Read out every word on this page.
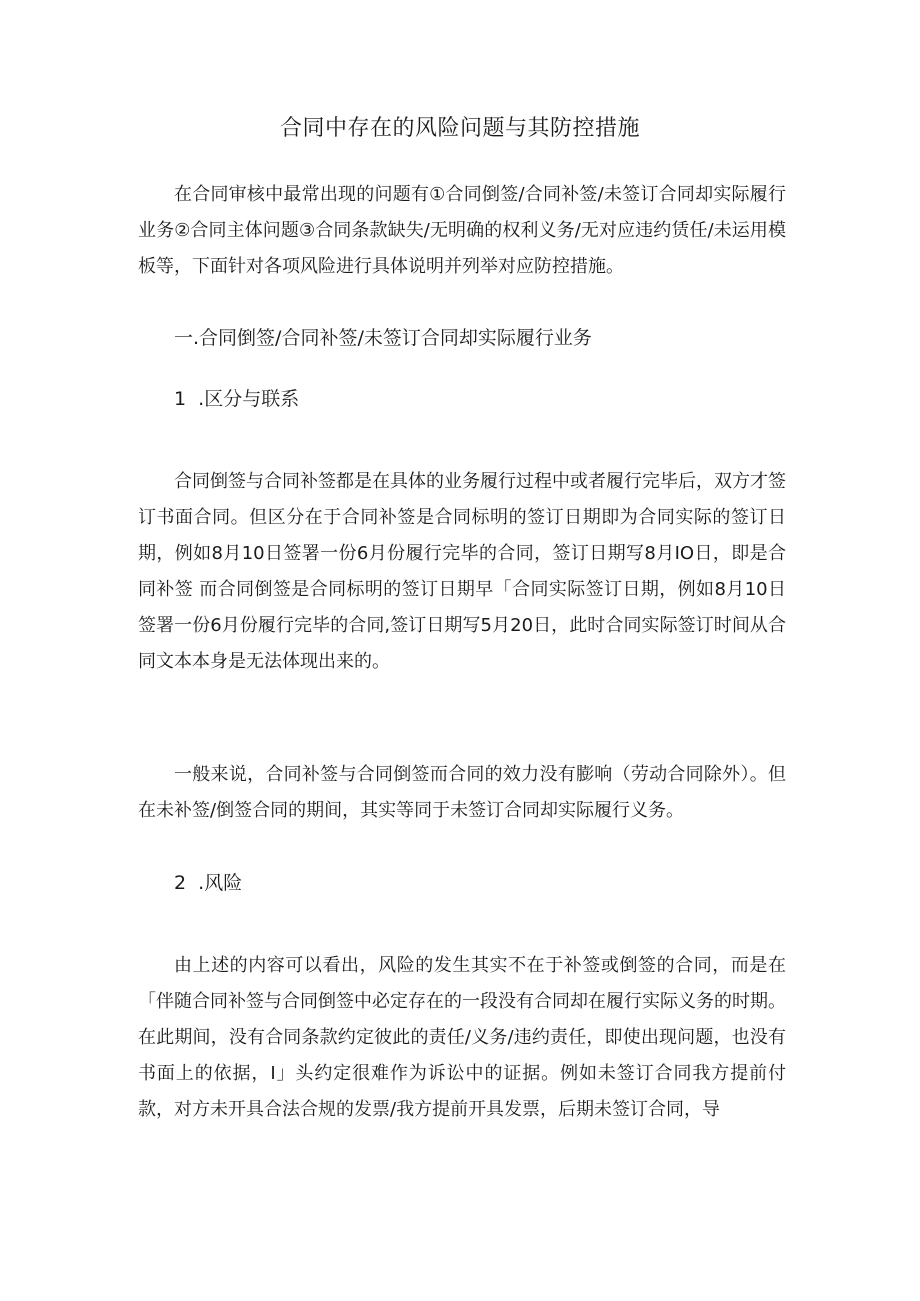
合同中存在的风险问题与其防控措施

在合同审核中最常出现的问题有①合同倒签/合同补签/未签订合同却实际履行业务②合同主体问题③合同条款缺失/无明确的权利义务/无对应违约赁任/未运用模板等，下面针对各项风险进行具体说明并列举对应防控措施。

一.合同倒签/合同补签/未签订合同却实际履行业务
1  .区分与联系

合同倒签与合同补签都是在具体的业务履行过程中或者履行完毕后，双方才签订书面合同。但区分在于合同补签是合同标明的签订日期即为合同实际的签订日期，例如8月10日签署一份6月份履行完毕的合同，签订日期写8月IO日，即是合同补签 而合同倒签是合同标明的签订日期早「合同实际签订日期，例如8月10日签署一份6月份履行完毕的合同,签订日期写5月20日，此时合同实际签订时间从合同文本本身是无法体现出来的。

一般来说，合同补签与合同倒签而合同的效力没有膨响（劳动合同除外）。但在未补签/倒签合同的期间，其实等同于未签订合同却实际履行义务。

2  .风险

由上述的内容可以看出，风险的发生其实不在于补签或倒签的合同，而是在「伴随合同补签与合同倒签中必定存在的一段没有合同却在履行实际义务的时期。在此期间，没有合同条款约定彼此的责任/义务/违约责任，即使出现问题，也没有书面上的依据，I」头约定很难作为诉讼中的证据。例如未签订合同我方提前付款，对方未开具合法合规的发票/我方提前开具发票，后期未签订合同，导
